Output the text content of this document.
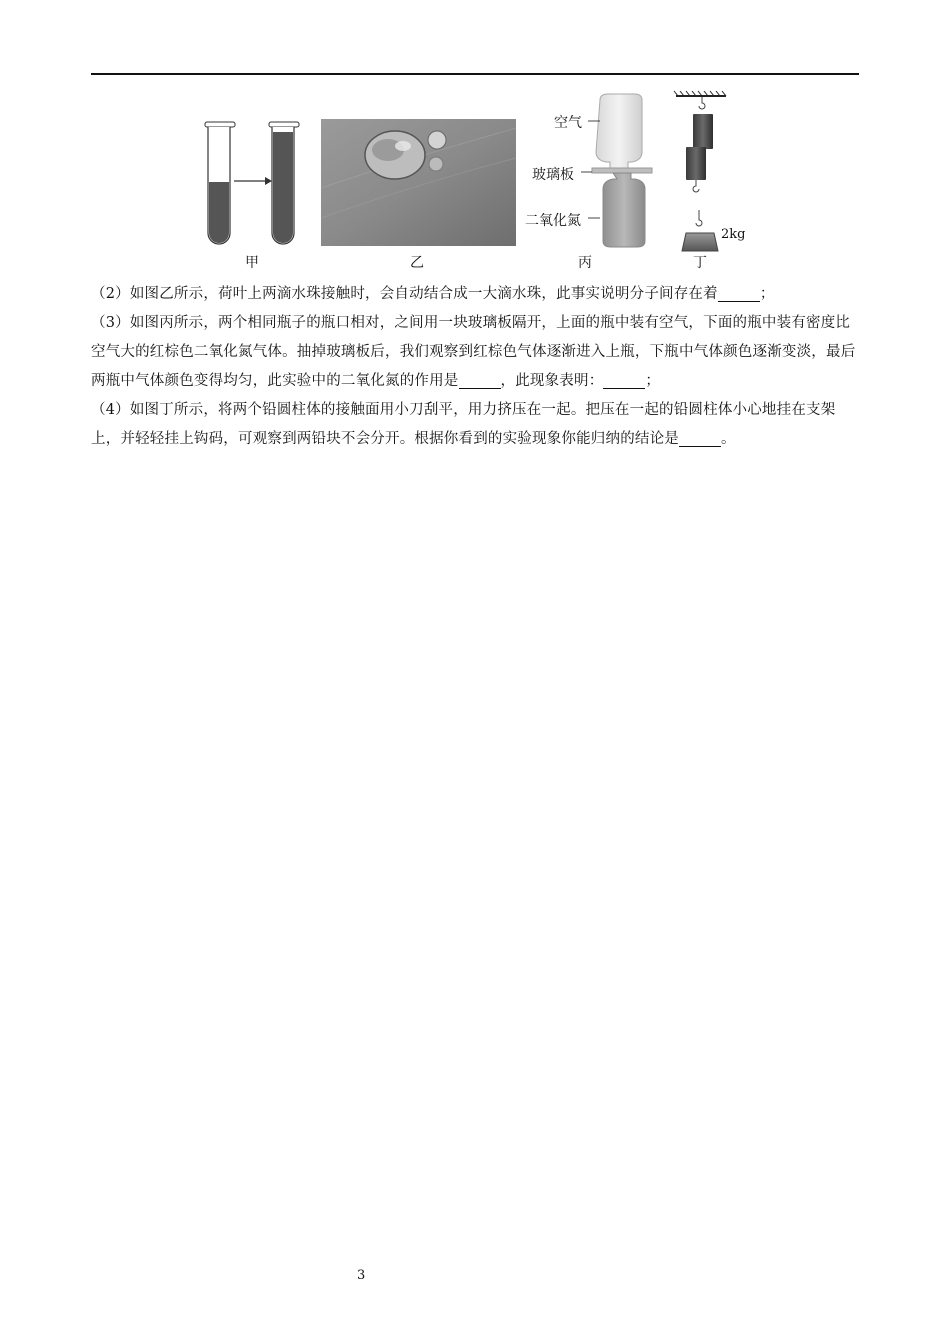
空气
玻璃板
二氧化氮
2kg
甲	乙	丙	丁

（2）如图乙所示，荷叶上两滴水珠接触时，会自动结合成一大滴水珠，此事实说明分子间存在着	；

（3）如图丙所示，两个相同瓶子的瓶口相对，之间用一块玻璃板隔开，上面的瓶中装有空气，下面的瓶中装有密度比空气大的红棕色二氧化氮气体。抽掉玻璃板后，我们观察到红棕色气体逐渐进入上瓶，下瓶中气体颜色逐渐变淡，最后两瓶中气体颜色变得均匀，此实验中的二氧化氮的作用是	，此现象表明：	；

（4）如图丁所示，将两个铅圆柱体的接触面用小刀刮平，用力挤压在一起。把压在一起的铅圆柱体小心地挂在支架上，并轻轻挂上钩码，可观察到两铅块不会分开。根据你看到的实验现象你能归纳的结论是	。

3
